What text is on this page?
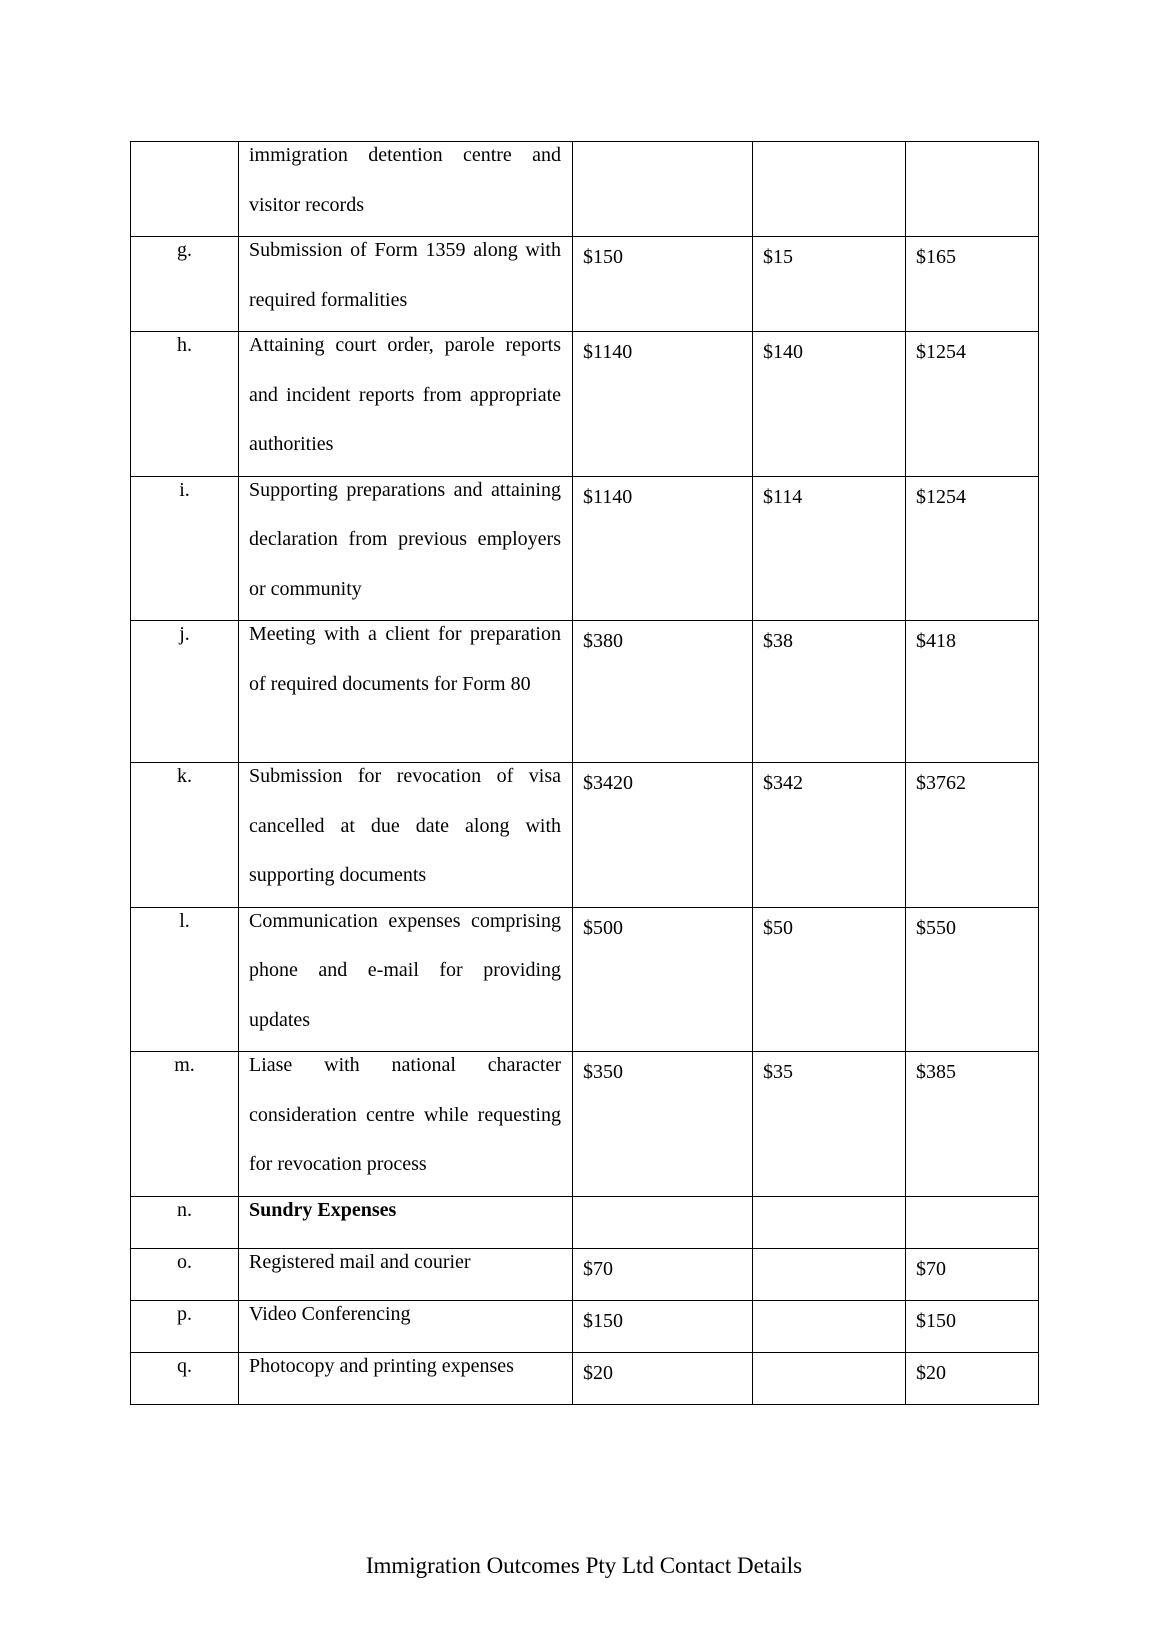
	immigration detention centre and visitor records			

g.	Submission of Form 1359 along with required formalities	$150	$15	$165
h.	Attaining court order, parole reports and incident reports from appropriate authorities	$1140	$140	$1254
i.	Supporting preparations and attaining declaration from previous employers or community	$1140	$114	$1254
j.	Meeting with a client for preparation of required documents for Form 80	$380	$38	$418
k.	Submission for revocation of visa cancelled at due date along with supporting documents	$3420	$342	$3762
l.	Communication expenses comprising phone and e-mail for providing updates	$500	$50	$550
m.	Liase with national character consideration centre while requesting for revocation process	$350	$35	$385
n.	Sundry Expenses			

o.	Registered mail and courier	$70		$70
p.	Video Conferencing	$150		$150
q.	Photocopy and printing expenses	$20		$20
Immigration Outcomes Pty Ltd Contact Details
